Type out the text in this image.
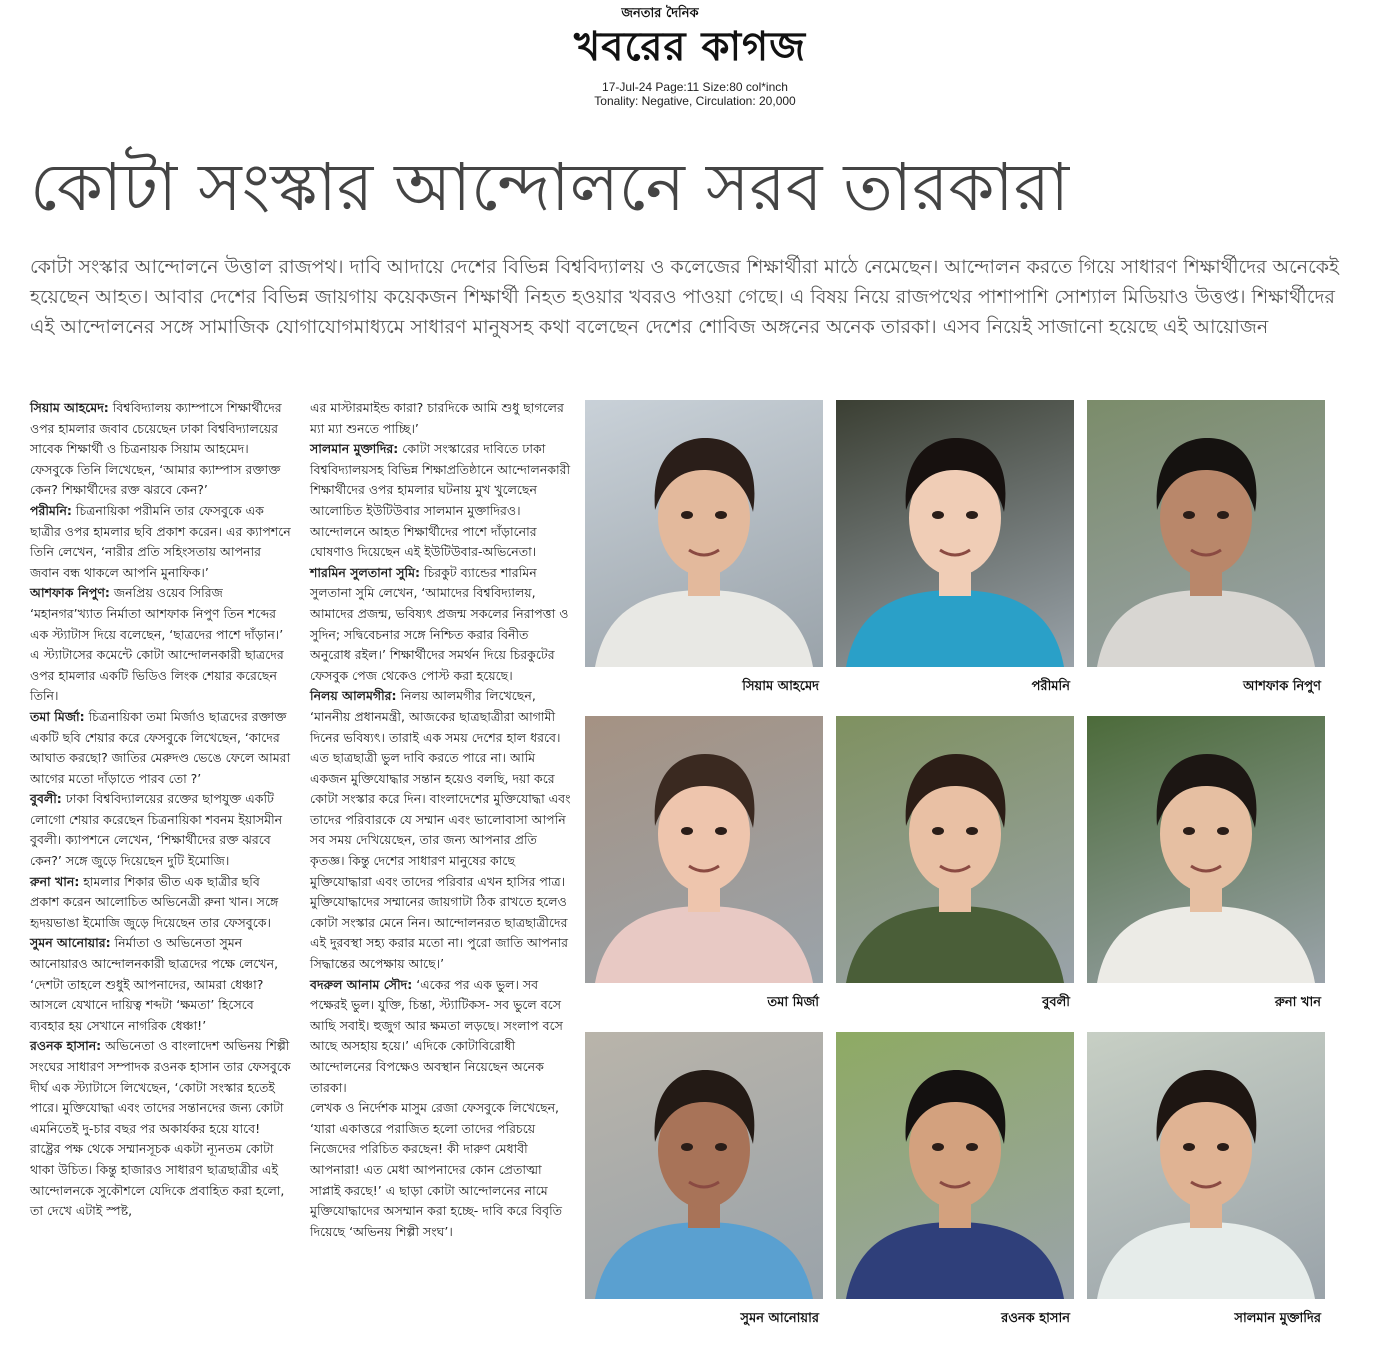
জনতার দৈনিক
খবরের কাগজ
17-Jul-24 Page:11 Size:80 col*inch
Tonality: Negative, Circulation: 20,000
কোটা সংস্কার আন্দোলনে সরব তারকারা

কোটা সংস্কার আন্দোলনে উত্তাল রাজপথ। দাবি আদায়ে দেশের বিভিন্ন বিশ্ববিদ্যালয় ও কলেজের শিক্ষার্থীরা মাঠে নেমেছেন। আন্দোলন করতে গিয়ে সাধারণ শিক্ষার্থীদের অনেকেই হয়েছেন আহত। আবার দেশের বিভিন্ন জায়গায় কয়েকজন শিক্ষার্থী নিহত হওয়ার খবরও পাওয়া গেছে। এ বিষয় নিয়ে রাজপথের পাশাপাশি সোশ্যাল মিডিয়াও উত্তপ্ত। শিক্ষার্থীদের এই আন্দোলনের সঙ্গে সামাজিক যোগাযোগমাধ্যমে সাধারণ মানুষসহ কথা বলেছেন দেশের শোবিজ অঙ্গনের অনেক তারকা। এসব নিয়েই সাজানো হয়েছে এই আয়োজন

সিয়াম আহমেদ: বিশ্ববিদ্যালয় ক্যাম্পাসে শিক্ষার্থীদের ওপর হামলার জবাব চেয়েছেন ঢাকা বিশ্ববিদ্যালয়ের সাবেক শিক্ষার্থী ও চিত্রনায়ক সিয়াম আহমেদ। ফেসবুকে তিনি লিখেছেন, ‘আমার ক্যাম্পাস রক্তাক্ত কেন? শিক্ষার্থীদের রক্ত ঝরবে কেন?’

পরীমনি: চিত্রনায়িকা পরীমনি তার ফেসবুকে এক ছাত্রীর ওপর হামলার ছবি প্রকাশ করেন। এর ক্যাপশনে তিনি লেখেন, ‘নারীর প্রতি সহিংসতায় আপনার জবান বন্ধ থাকলে আপনি মুনাফিক।’

আশফাক নিপুণ: জনপ্রিয় ওয়েব সিরিজ ‘মহানগর’খ্যাত নির্মাতা আশফাক নিপুণ তিন শব্দের এক স্ট্যাটাস দিয়ে বলেছেন, ‘ছাত্রদের পাশে দাঁড়ান।’ এ স্ট্যাটাসের কমেন্টে কোটা আন্দোলনকারী ছাত্রদের ওপর হামলার একটি ভিডিও লিংক শেয়ার করেছেন তিনি।

তমা মির্জা: চিত্রনায়িকা তমা মির্জাও ছাত্রদের রক্তাক্ত একটি ছবি শেয়ার করে ফেসবুকে লিখেছেন, ‘কাদের আঘাত করছো? জাতির মেরুদণ্ড ভেঙে ফেলে আমরা আগের মতো দাঁড়াতে পারব তো ?’

বুবলী: ঢাকা বিশ্ববিদ্যালয়ের রক্তের ছাপযুক্ত একটি লোগো শেয়ার করেছেন চিত্রনায়িকা শবনম ইয়াসমীন বুবলী। ক্যাপশনে লেখেন, ‘শিক্ষার্থীদের রক্ত ঝরবে কেন?’ সঙ্গে জুড়ে দিয়েছেন দুটি ইমোজি।

রুনা খান: হামলার শিকার ভীত এক ছাত্রীর ছবি প্রকাশ করেন আলোচিত অভিনেত্রী রুনা খান। সঙ্গে হৃদয়ভাঙা ইমোজি জুড়ে দিয়েছেন তার ফেসবুকে।

সুমন আনোয়ার: নির্মাতা ও অভিনেতা সুমন আনোয়ারও আন্দোলনকারী ছাত্রদের পক্ষে লেখেন, ‘দেশটা তাহলে শুধুই আপনাদের, আমরা ধেঞ্চা? আসলে যেখানে দায়িত্ব শব্দটা ‘ক্ষমতা’ হিসেবে ব্যবহার হয় সেখানে নাগরিক ধেঞ্চা!’

রওনক হাসান: অভিনেতা ও বাংলাদেশ অভিনয় শিল্পী সংঘের সাধারণ সম্পাদক রওনক হাসান তার ফেসবুকে দীর্ঘ এক স্ট্যাটাসে লিখেছেন, ‘কোটা সংস্কার হতেই পারে। মুক্তিযোদ্ধা এবং তাদের সন্তানদের জন্য কোটা এমনিতেই দু-চার বছর পর অকার্যকর হয়ে যাবে! রাষ্ট্রের পক্ষ থেকে সম্মানসূচক একটা ন্যূনতম কোটা থাকা উচিত। কিন্তু হাজারও সাধারণ ছাত্রছাত্রীর এই আন্দোলনকে সুকৌশলে যেদিকে প্রবাহিত করা হলো, তা দেখে এটাই স্পষ্ট,

এর মাস্টারমাইন্ড কারা? চারদিকে আমি শুধু ছাগলের ম্যা ম্যা শুনতে পাচ্ছি।’

সালমান মুক্তাদির: কোটা সংস্কারের দাবিতে ঢাকা বিশ্ববিদ্যালয়সহ বিভিন্ন শিক্ষাপ্রতিষ্ঠানে আন্দোলনকারী শিক্ষার্থীদের ওপর হামলার ঘটনায় মুখ খুলেছেন আলোচিত ইউটিউবার সালমান মুক্তাদিরও। আন্দোলনে আহত শিক্ষার্থীদের পাশে দাঁড়ানোর ঘোষণাও দিয়েছেন এই ইউটিউবার-অভিনেতা।

শারমিন সুলতানা সুমি: চিরকুট ব্যান্ডের শারমিন সুলতানা সুমি লেখেন, ‘আমাদের বিশ্ববিদ্যালয়, আমাদের প্রজন্ম, ভবিষ্যৎ প্রজন্ম সকলের নিরাপত্তা ও সুদিন; সদ্বিবেচনার সঙ্গে নিশ্চিত করার বিনীত অনুরোধ রইল।’ শিক্ষার্থীদের সমর্থন দিয়ে চিরকুটের ফেসবুক পেজ থেকেও পোস্ট করা হয়েছে।

নিলয় আলমগীর: নিলয় আলমগীর লিখেছেন, ‘মাননীয় প্রধানমন্ত্রী, আজকের ছাত্রছাত্রীরা আগামী দিনের ভবিষ্যৎ। তারাই এক সময় দেশের হাল ধরবে। এত ছাত্রছাত্রী ভুল দাবি করতে পারে না। আমি একজন মুক্তিযোদ্ধার সন্তান হয়েও বলছি, দয়া করে কোটা সংস্কার করে দিন। বাংলাদেশের মুক্তিযোদ্ধা এবং তাদের পরিবারকে যে সম্মান এবং ভালোবাসা আপনি সব সময় দেখিয়েছেন, তার জন্য আপনার প্রতি কৃতজ্ঞ। কিন্তু দেশের সাধারণ মানুষের কাছে মুক্তিযোদ্ধারা এবং তাদের পরিবার এখন হাসির পাত্র। মুক্তিযোদ্ধাদের সম্মানের জায়গাটা ঠিক রাখতে হলেও কোটা সংস্কার মেনে নিন। আন্দোলনরত ছাত্রছাত্রীদের এই দুরবস্থা সহ্য করার মতো না। পুরো জাতি আপনার সিদ্ধান্তের অপেক্ষায় আছে।’

বদরুল আনাম সৌদ: ‘একের পর এক ভুল। সব পক্ষেরই ভুল। যুক্তি, চিন্তা, স্ট্যাটিকস- সব ভুলে বসে আছি সবাই। হুজুগ আর ক্ষমতা লড়ছে। সংলাপ বসে আছে অসহায় হয়ে।’ এদিকে কোটাবিরোধী আন্দোলনের বিপক্ষেও অবস্থান নিয়েছেন অনেক তারকা।

লেখক ও নির্দেশক মাসুম রেজা ফেসবুকে লিখেছেন, ‘যারা একাত্তরে পরাজিত হলো তাদের পরিচয়ে নিজেদের পরিচিত করছেন! কী দারুণ মেধাবী আপনারা! এত মেধা আপনাদের কোন প্রেতাত্মা সাপ্লাই করছে!’ এ ছাড়া কোটা আন্দোলনের নামে মুক্তিযোদ্ধাদের অসম্মান করা হচ্ছে- দাবি করে বিবৃতি দিয়েছে ‘অভিনয় শিল্পী সংঘ’।

সিয়াম আহমেদ	পরীমনি	আশফাক নিপুণ
তমা মির্জা	বুবলী	রুনা খান
সুমন আনোয়ার	রওনক হাসান	সালমান মুক্তাদির
